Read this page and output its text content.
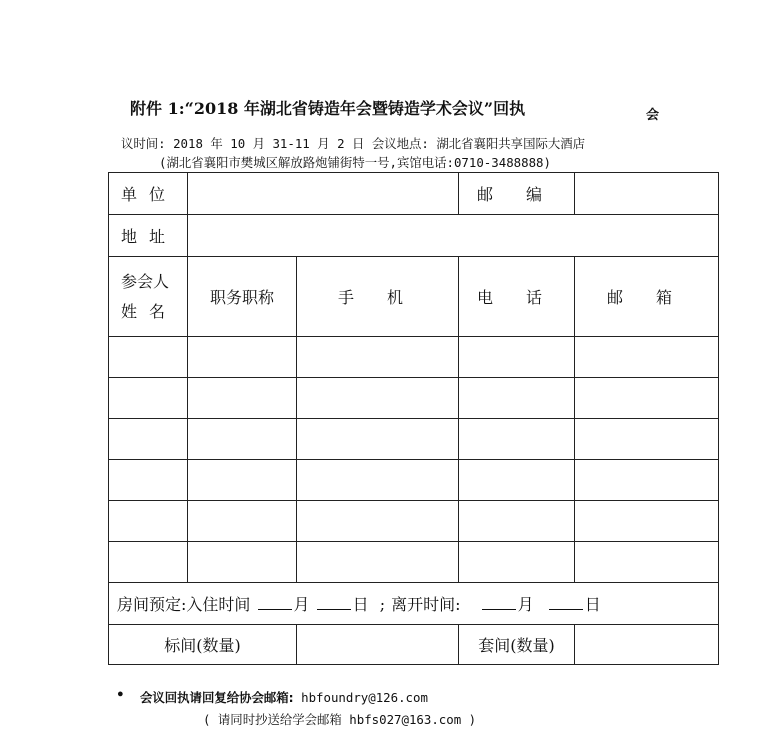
附件 1:“2018 年湖北省铸造年会暨铸造学术会议”回执	会
议时间: 2018 年 10 月 31-11 月 2 日 会议地点: 湖北省襄阳共享国际大酒店
(湖北省襄阳市樊城区解放路炮铺街特一号,宾馆电话:0710-3488888)
单位			邮 编	
地址				

参会人
姓名	职务职称	手 机	电 话	邮 箱

房间预定:入住时间 月 日 ; 离开时间: 月 日				
标间(数量)			套间(数量)	
● 会议回执请回复给协会邮箱: hbfoundry@126.com
( 请同时抄送给学会邮箱 hbfs027@163.com )
